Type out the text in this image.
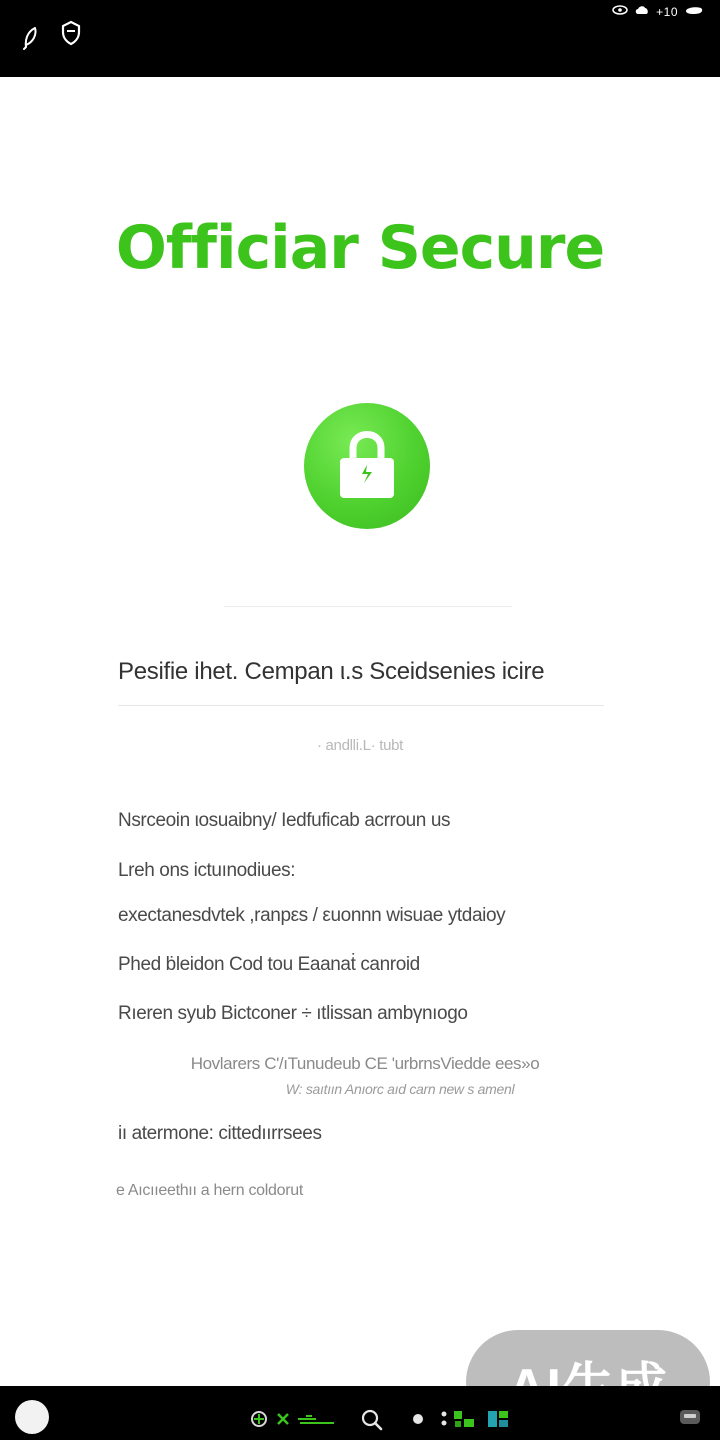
+10
Officiar Secure
Pesifie ihet. Cempan ι.s Sceidsenies icire
· andlli.L· tubt
Nsrceoin ιosuaibny/ Iedfuficab acrroun us
Lreh ons ictuınodiues:
exectanesdvtek ,ranpεs / εuonnn wisuae ytdaioy
Phed ḃleidon Cod tou Eaanaṫ canroid
Rıeren syub Bictconer ÷ ıtlissan ambγnıogo
Hovlarers C'/ıTunudeub CE 'urbrnsViedde ees»o
W: saıtıın Anıorc aıd carn new s amenl
iı atermone: cittedıırrsees
e Aıcııeethıı a hern coldorut
